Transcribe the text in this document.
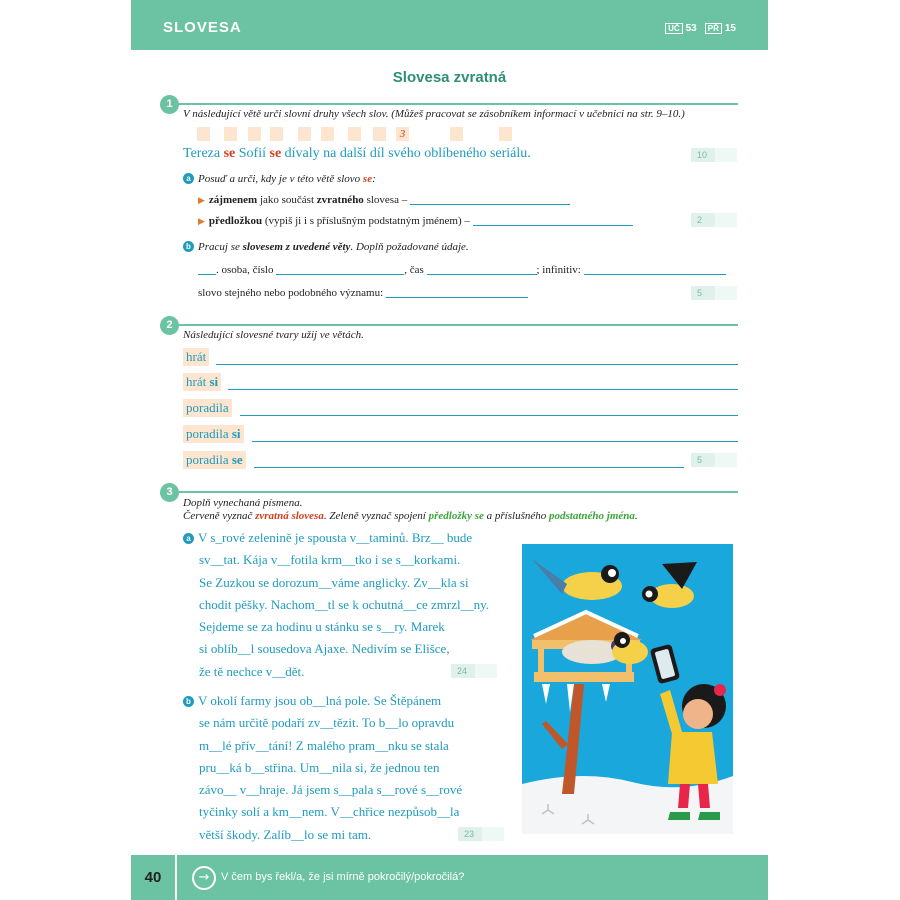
SLOVESA	UČ 53	PŘ 15
Slovesa zvratná
1
V následující větě urči slovní druhy všech slov. (Můžeš pracovat se zásobníkem informací v učebnici na str. 9–10.)
3
Tereza se Sofií se dívaly na další díl svého oblíbeného seriálu.	10
a Posuď a urči, kdy je v této větě slovo se:
▶ zájmenem jako součást zvratného slovesa –
▶ předložkou (vypiš ji i s příslušným podstatným jménem) –	2
b Pracuj se slovesem z uvedené věty. Doplň požadované údaje.
. osoba, číslo	, čas	; infinitiv:
slovo stejného nebo podobného významu:	5
2
Následující slovesné tvary užij ve větách.
hrát
hrát si
poradila
poradila si
poradila se	5
3
Doplň vynechaná písmena.
Červeně vyznač zvratná slovesa. Zeleně vyznač spojení předložky se a příslušného podstatného jména.
a V s_rové zelenině je spousta v__taminů. Brz__ bude
sv__tat. Kája v__fotila krm__tko i se s__korkami.
Se Zuzkou se dorozum__váme anglicky. Zv__kla si
chodit pěšky. Nachom__tl se k ochutná__ce zmrzl__ny.
Sejdeme se za hodinu u stánku se s__ry. Marek
si oblíb__l sousedova Ajaxe. Nedivím se Elišce,
že tě nechce v__dět.	24
b V okolí farmy jsou ob__lná pole. Se Štěpánem
se nám určitě podaří zv__tězit. To b__lo opravdu
m__lé přív__tání! Z malého pram__nku se stala
pru__ká b__střina. Um__nila si, že jednou ten
závo__ v__hraje. Já jsem s__pala s__rové s__rové
tyčinky solí a km__nem. V__chřice nezpůsob__la
větší škody. Zalíb__lo se mi tam.	23
40	→	V čem bys řekl/a, že jsi mírně pokročilý/pokročilá?
